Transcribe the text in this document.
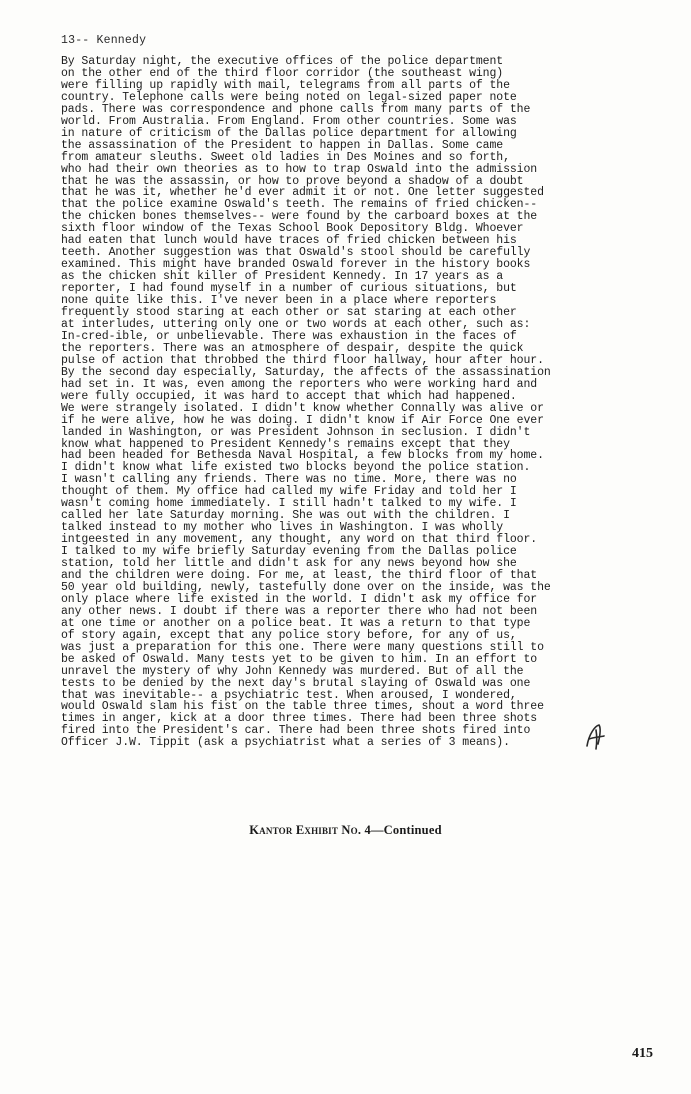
13-- Kennedy
By Saturday night, the executive offices of the police department
on the other end of the third floor corridor (the southeast wing)
were filling up rapidly with mail, telegrams from all parts of the
country. Telephone calls were being noted on legal-sized paper note
pads. There was correspondence and phone calls from many parts of the
world. From Australia. From England. From other countries. Some was
in nature of criticism of the Dallas police department for allowing
the assassination of the President to happen in Dallas. Some came
from amateur sleuths. Sweet old ladies in Des Moines and so forth,
who had their own theories as to how to trap Oswald into the admission
that he was the assassin, or how to prove beyond a shadow of a doubt
that he was it, whether he'd ever admit it or not. One letter suggested
that the police examine Oswald's teeth. The remains of fried chicken--
the chicken bones themselves-- were found by the carboard boxes at the
sixth floor window of the Texas School Book Depository Bldg. Whoever
had eaten that lunch would have traces of fried chicken between his
teeth. Another suggestion was that Oswald's stool should be carefully
examined. This might have branded Oswald forever in the history books
as the chicken shit killer of President Kennedy. In 17 years as a
reporter, I had found myself in a number of curious situations, but
none quite like this. I've never been in a place where reporters
frequently stood staring at each other or sat staring at each other
at interludes, uttering only one or two words at each other, such as:
In-cred-ible, or unbelievable. There was exhaustion in the faces of
the reporters. There was an atmosphere of despair, despite the quick
pulse of action that throbbed the third floor hallway, hour after hour.
By the second day especially, Saturday, the affects of the assassination
had set in. It was, even among the reporters who were working hard and
were fully occupied, it was hard to accept that which had happened.
We were strangely isolated. I didn't know whether Connally was alive or
if he were alive, how he was doing. I didn't know if Air Force One ever
landed in Washington, or was President Johnson in seclusion. I didn't
know what happened to President Kennedy's remains except that they
had been headed for Bethesda Naval Hospital, a few blocks from my home.
I didn't know what life existed two blocks beyond the police station.
I wasn't calling any friends. There was no time. More, there was no
thought of them. My office had called my wife Friday and told her I
wasn't coming home immediately. I still hadn't talked to my wife. I
called her late Saturday morning. She was out with the children. I
talked instead to my mother who lives in Washington. I was wholly
intgeested in any movement, any thought, any word on that third floor.
I talked to my wife briefly Saturday evening from the Dallas police
station, told her little and didn't ask for any news beyond how she
and the children were doing. For me, at least, the third floor of that
50 year old building, newly, tastefully done over on the inside, was the
only place where life existed in the world. I didn't ask my office for
any other news. I doubt if there was a reporter there who had not been
at one time or another on a police beat. It was a return to that type
of story again, except that any police story before, for any of us,
was just a preparation for this one. There were many questions still to
be asked of Oswald. Many tests yet to be given to him. In an effort to
unravel the mystery of why John Kennedy was murdered. But of all the
tests to be denied by the next day's brutal slaying of Oswald was one
that was inevitable-- a psychiatric test. When aroused, I wondered,
would Oswald slam his fist on the table three times, shout a word three
times in anger, kick at a door three times. There had been three shots
fired into the President's car. There had been three shots fired into
Officer J.W. Tippit (ask a psychiatrist what a series of 3 means).
Kantor Exhibit No. 4—Continued
415
